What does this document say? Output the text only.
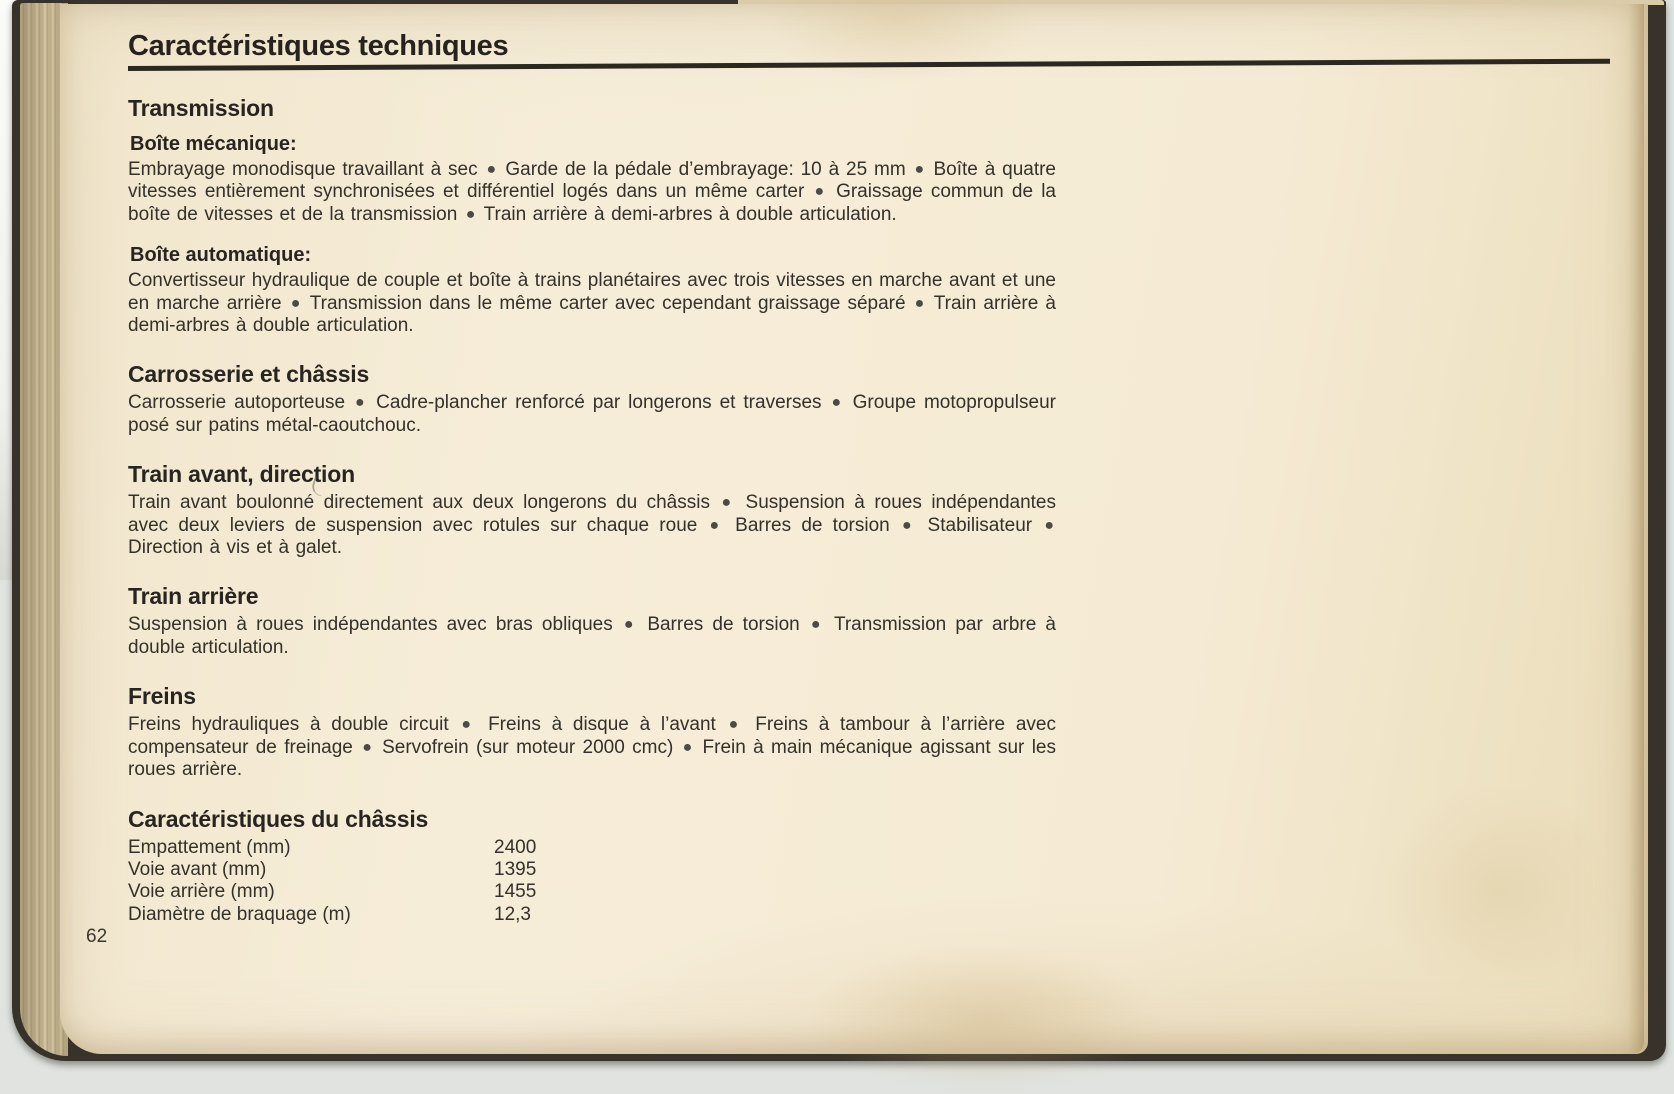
Caractéristiques techniques
Transmission
Boîte mécanique:
Embrayage monodisque travaillant à sec ● Garde de la pédale d’embrayage: 10 à 25 mm ● Boîte à quatre vitesses entièrement synchronisées et différentiel logés dans un même carter ● Graissage commun de la boîte de vitesses et de la transmission ● Train arrière à demi-arbres à double articulation.
Boîte automatique:
Convertisseur hydraulique de couple et boîte à trains planétaires avec trois vitesses en marche avant et une en marche arrière ● Transmission dans le même carter avec cependant graissage séparé ● Train arrière à demi-arbres à double articulation.
Carrosserie et châssis
Carrosserie autoporteuse ● Cadre-plancher renforcé par longerons et traverses ● Groupe motopropulseur posé sur patins métal-caoutchouc.
Train avant, direction
Train avant boulonné directement aux deux longerons du châssis ● Suspension à roues indépendantes avec deux leviers de suspension avec rotules sur chaque roue ● Barres de torsion ● Stabilisateur ● Direction à vis et à galet.
Train arrière
Suspension à roues indépendantes avec bras obliques ● Barres de torsion ● Transmission par arbre à double articulation.
Freins
Freins hydrauliques à double circuit ● Freins à disque à l’avant ● Freins à tambour à l’arrière avec compensateur de freinage ● Servofrein (sur moteur 2000 cmc) ● Frein à main mécanique agissant sur les roues arrière.
Caractéristiques du châssis
Empattement (mm)	2400
Voie avant (mm)	1395
Voie arrière (mm)	1455
Diamètre de braquage (m)	12,3
62
